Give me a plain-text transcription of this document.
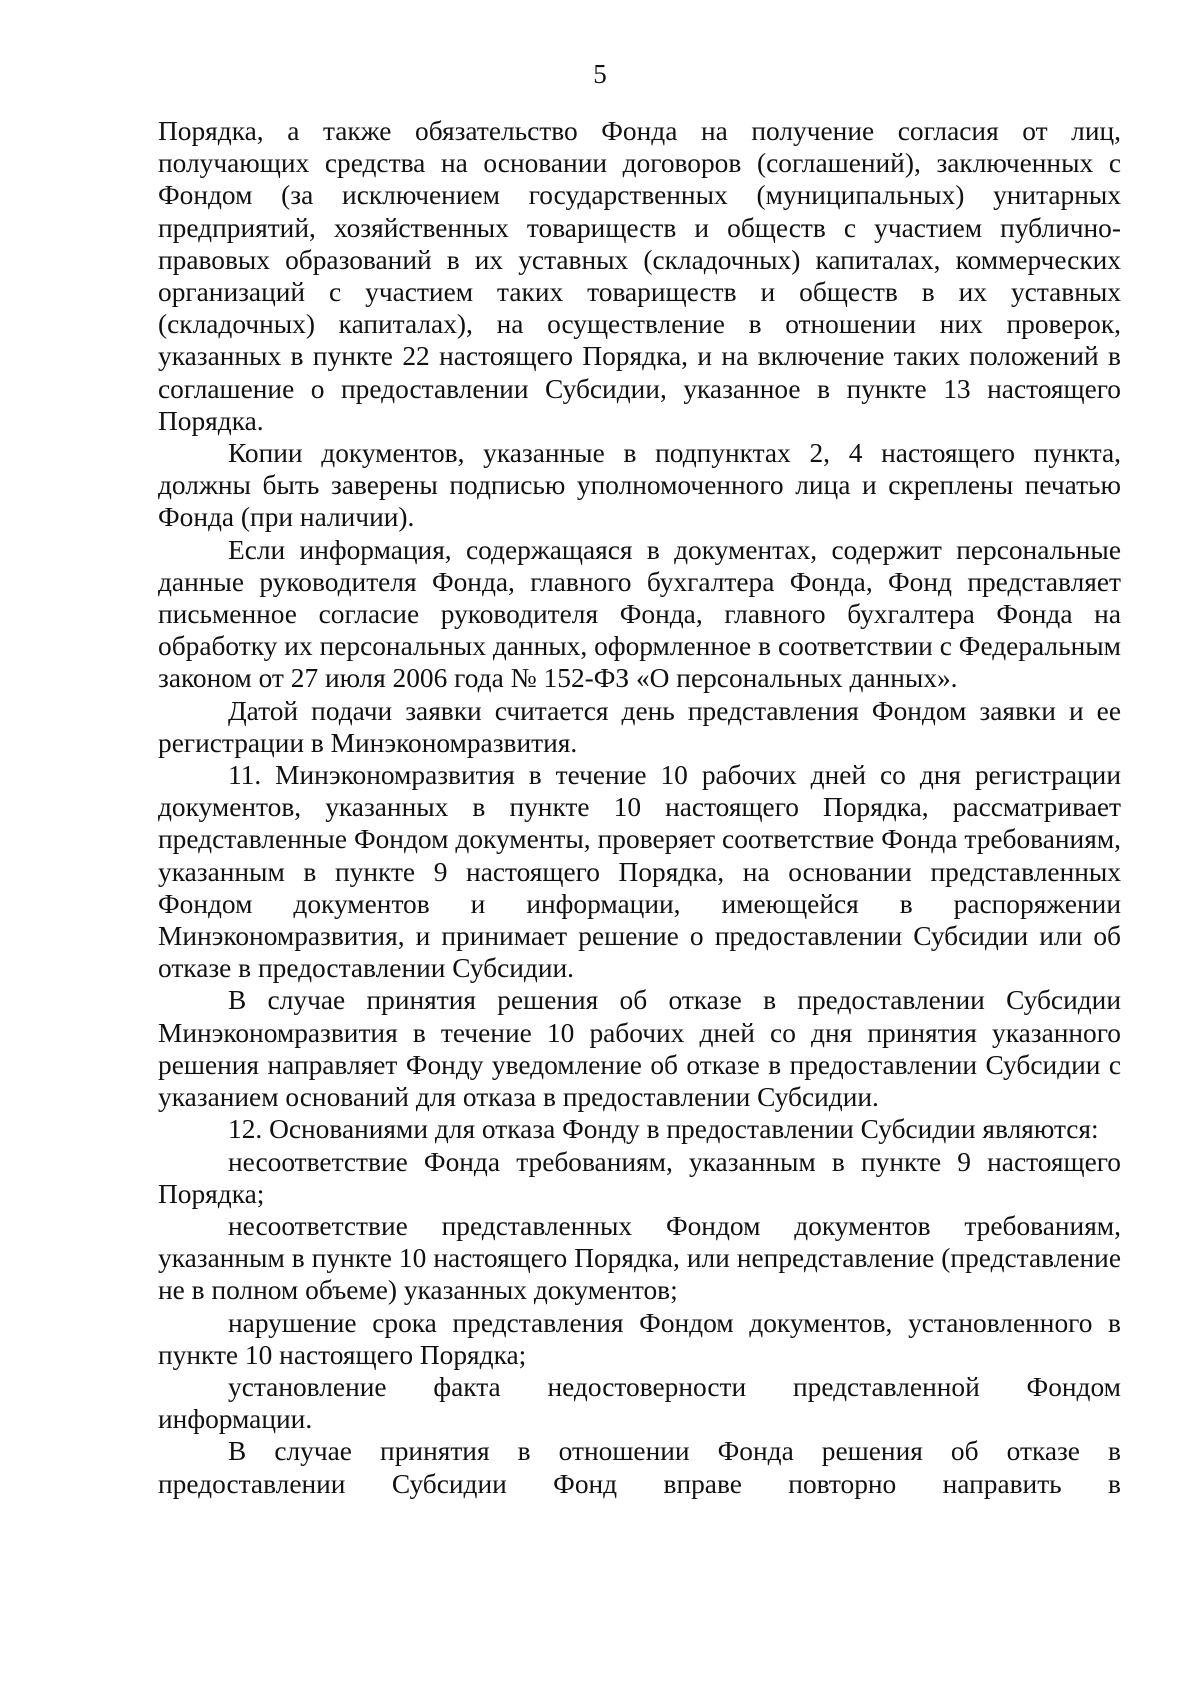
5

Порядка, а также обязательство Фонда на получение согласия от лиц, получающих средства на основании договоров (соглашений), заключенных с Фондом (за исключением государственных (муниципальных) унитарных предприятий, хозяйственных товариществ и обществ с участием публично-правовых образований в их уставных (складочных) капиталах, коммерческих организаций с участием таких товариществ и обществ в их уставных (складочных) капиталах), на осуществление в отношении них проверок, указанных в пункте 22 настоящего Порядка, и на включение таких положений в соглашение о предоставлении Субсидии, указанное в пункте 13 настоящего Порядка.

Копии документов, указанные в подпунктах 2, 4 настоящего пункта, должны быть заверены подписью уполномоченного лица и скреплены печатью Фонда (при наличии).

Если информация, содержащаяся в документах, содержит персональные данные руководителя Фонда, главного бухгалтера Фонда, Фонд представляет письменное согласие руководителя Фонда, главного бухгалтера Фонда на обработку их персональных данных, оформленное в соответствии с Федеральным законом от 27 июля 2006 года № 152-ФЗ «О персональных данных».

Датой подачи заявки считается день представления Фондом заявки и ее регистрации в Минэкономразвития.

11. Минэкономразвития в течение 10 рабочих дней со дня регистрации документов, указанных в пункте 10 настоящего Порядка, рассматривает представленные Фондом документы, проверяет соответствие Фонда требованиям, указанным в пункте 9 настоящего Порядка, на основании представленных Фондом документов и информации, имеющейся в распоряжении Минэкономразвития, и принимает решение о предоставлении Субсидии или об отказе в предоставлении Субсидии.

В случае принятия решения об отказе в предоставлении Субсидии Минэкономразвития в течение 10 рабочих дней со дня принятия указанного решения направляет Фонду уведомление об отказе в предоставлении Субсидии с указанием оснований для отказа в предоставлении Субсидии.

12. Основаниями для отказа Фонду в предоставлении Субсидии являются:

несоответствие Фонда требованиям, указанным в пункте 9 настоящего Порядка;

несоответствие представленных Фондом документов требованиям, указанным в пункте 10 настоящего Порядка, или непредставление (представление не в полном объеме) указанных документов;

нарушение срока представления Фондом документов, установленного в пункте 10 настоящего Порядка;

установление факта недостоверности представленной Фондом информации.

В случае принятия в отношении Фонда решения об отказе в предоставлении Субсидии Фонд вправе повторно направить в
